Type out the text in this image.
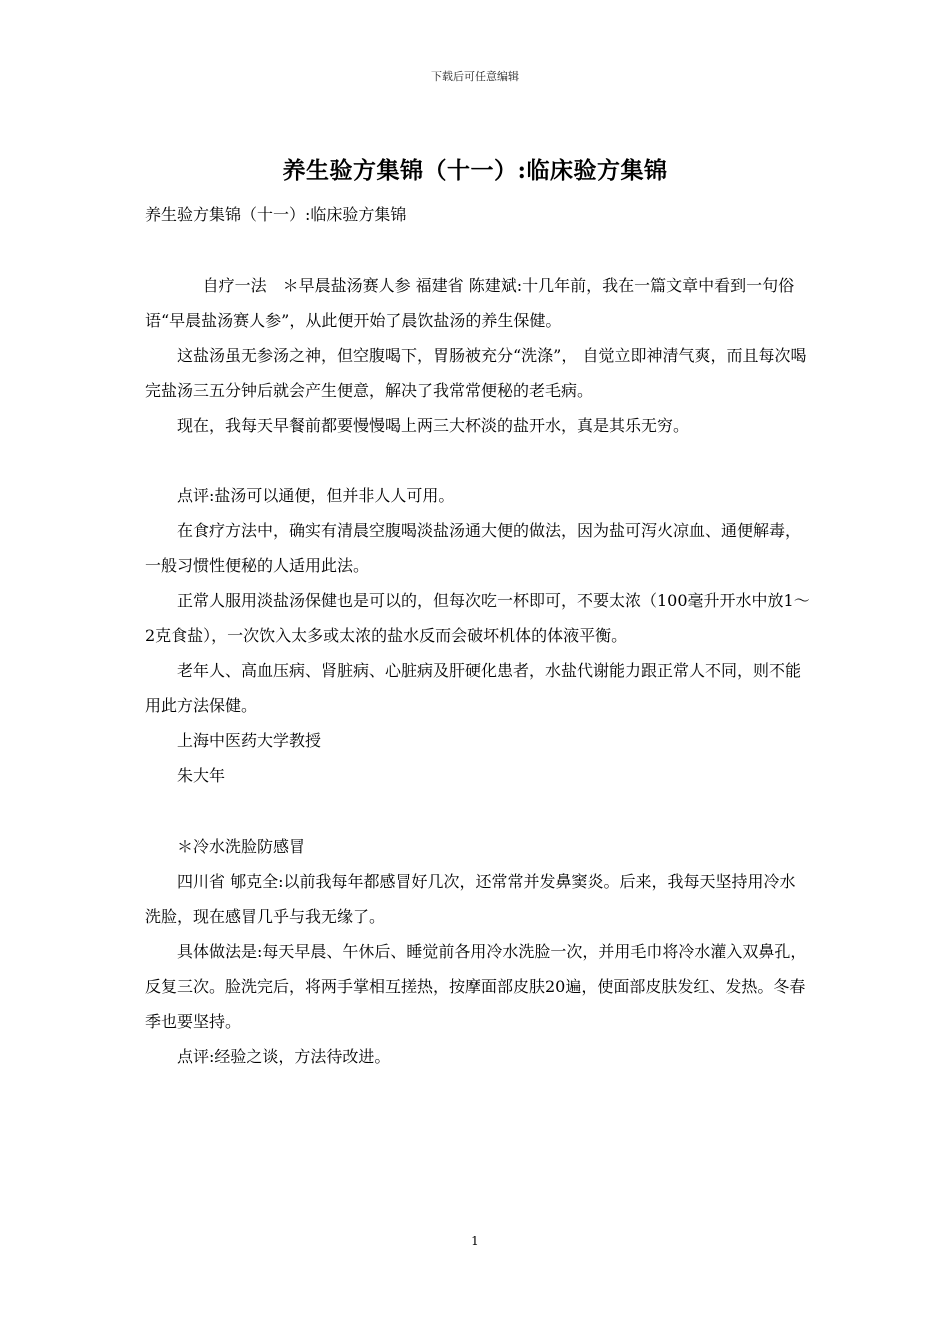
下载后可任意编辑
养生验方集锦（十一）:临床验方集锦
养生验方集锦（十一）:临床验方集锦

自疗一法　＊早晨盐汤赛人参 福建省 陈建斌:十几年前，我在一篇文章中看到一句俗语“早晨盐汤赛人参”，从此便开始了晨饮盐汤的养生保健。

这盐汤虽无参汤之神，但空腹喝下，胃肠被充分“洗涤”， 自觉立即神清气爽，而且每次喝完盐汤三五分钟后就会产生便意，解决了我常常便秘的老毛病。

现在，我每天早餐前都要慢慢喝上两三大杯淡的盐开水，真是其乐无穷。

点评:盐汤可以通便，但并非人人可用。

在食疗方法中，确实有清晨空腹喝淡盐汤通大便的做法，因为盐可泻火凉血、通便解毒，一般习惯性便秘的人适用此法。

正常人服用淡盐汤保健也是可以的，但每次吃一杯即可，不要太浓（100毫升开水中放1～2克食盐），一次饮入太多或太浓的盐水反而会破坏机体的体液平衡。

老年人、高血压病、肾脏病、心脏病及肝硬化患者，水盐代谢能力跟正常人不同，则不能用此方法保健。

上海中医药大学教授

朱大年

＊冷水洗脸防感冒

四川省 郇克全:以前我每年都感冒好几次，还常常并发鼻窦炎。后来，我每天坚持用冷水洗脸，现在感冒几乎与我无缘了。

具体做法是:每天早晨、午休后、睡觉前各用冷水洗脸一次，并用毛巾将冷水灌入双鼻孔，反复三次。脸洗完后，将两手掌相互搓热，按摩面部皮肤20遍，使面部皮肤发红、发热。冬春季也要坚持。

点评:经验之谈，方法待改进。

1
